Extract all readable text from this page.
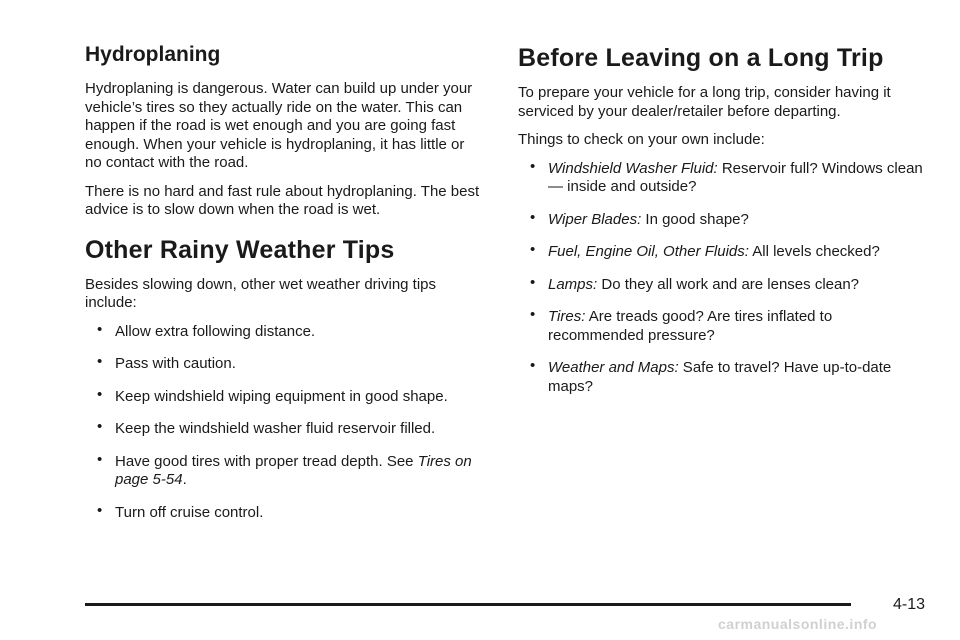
Hydroplaning

Hydroplaning is dangerous. Water can build up under your vehicle’s tires so they actually ride on the water. This can happen if the road is wet enough and you are going fast enough. When your vehicle is hydroplaning, it has little or no contact with the road.

There is no hard and fast rule about hydroplaning. The best advice is to slow down when the road is wet.

Other Rainy Weather Tips

Besides slowing down, other wet weather driving tips include:

• Allow extra following distance.
• Pass with caution.
• Keep windshield wiping equipment in good shape.
• Keep the windshield washer fluid reservoir filled.
• Have good tires with proper tread depth. See Tires on page 5-54.
• Turn off cruise control.
Before Leaving on a Long Trip

To prepare your vehicle for a long trip, consider having it serviced by your dealer/retailer before departing.

Things to check on your own include:

• Windshield Washer Fluid: Reservoir full? Windows clean — inside and outside?
• Wiper Blades: In good shape?
• Fuel, Engine Oil, Other Fluids: All levels checked?
• Lamps: Do they all work and are lenses clean?
• Tires: Are treads good? Are tires inflated to recommended pressure?
• Weather and Maps: Safe to travel? Have up-to-date maps?
4-13
carmanualsonline.info
